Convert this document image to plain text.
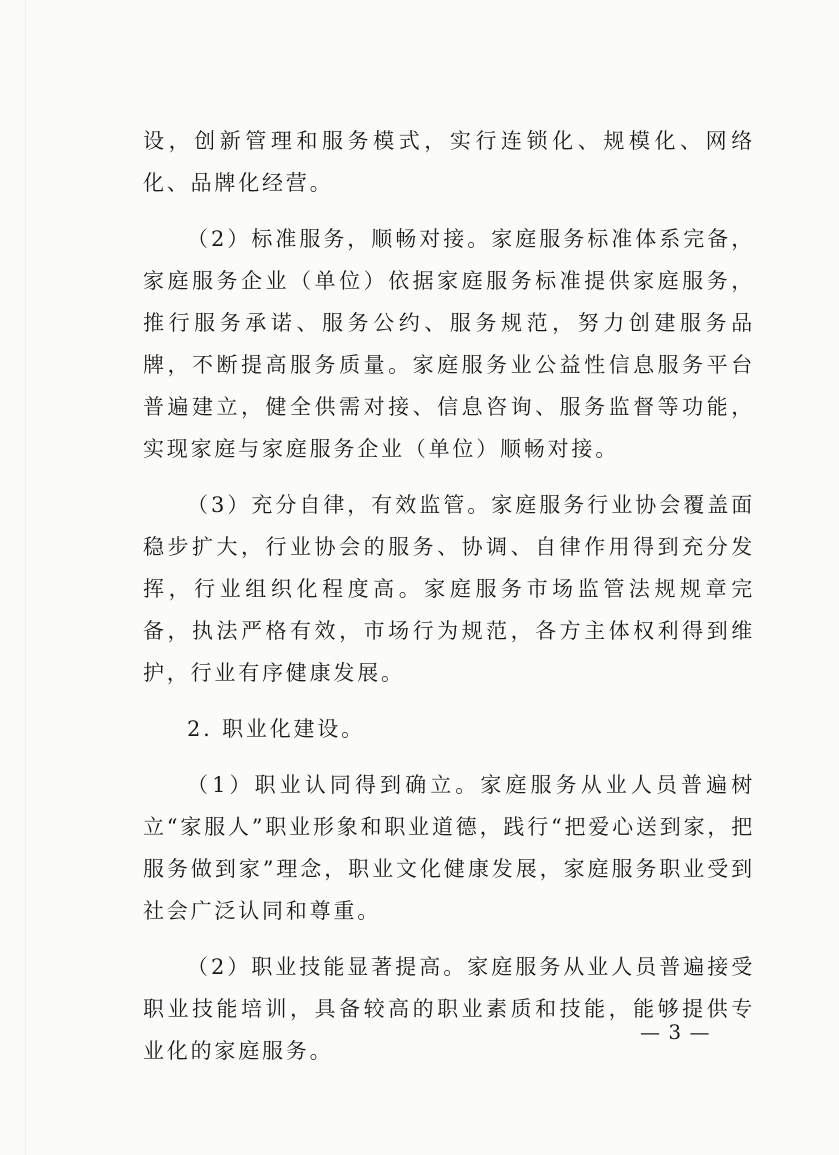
设，创新管理和服务模式，实行连锁化、规模化、网络化、品牌化经营。

（2）标准服务，顺畅对接。家庭服务标准体系完备，家庭服务企业（单位）依据家庭服务标准提供家庭服务，推行服务承诺、服务公约、服务规范，努力创建服务品牌，不断提高服务质量。家庭服务业公益性信息服务平台普遍建立，健全供需对接、信息咨询、服务监督等功能，实现家庭与家庭服务企业（单位）顺畅对接。

（3）充分自律，有效监管。家庭服务行业协会覆盖面稳步扩大，行业协会的服务、协调、自律作用得到充分发挥，行业组织化程度高。家庭服务市场监管法规规章完备，执法严格有效，市场行为规范，各方主体权利得到维护，行业有序健康发展。

2. 职业化建设。

（1）职业认同得到确立。家庭服务从业人员普遍树立“家服人”职业形象和职业道德，践行“把爱心送到家，把服务做到家”理念，职业文化健康发展，家庭服务职业受到社会广泛认同和尊重。

（2）职业技能显著提高。家庭服务从业人员普遍接受职业技能培训，具备较高的职业素质和技能，能够提供专业化的家庭服务。

— 3 —
